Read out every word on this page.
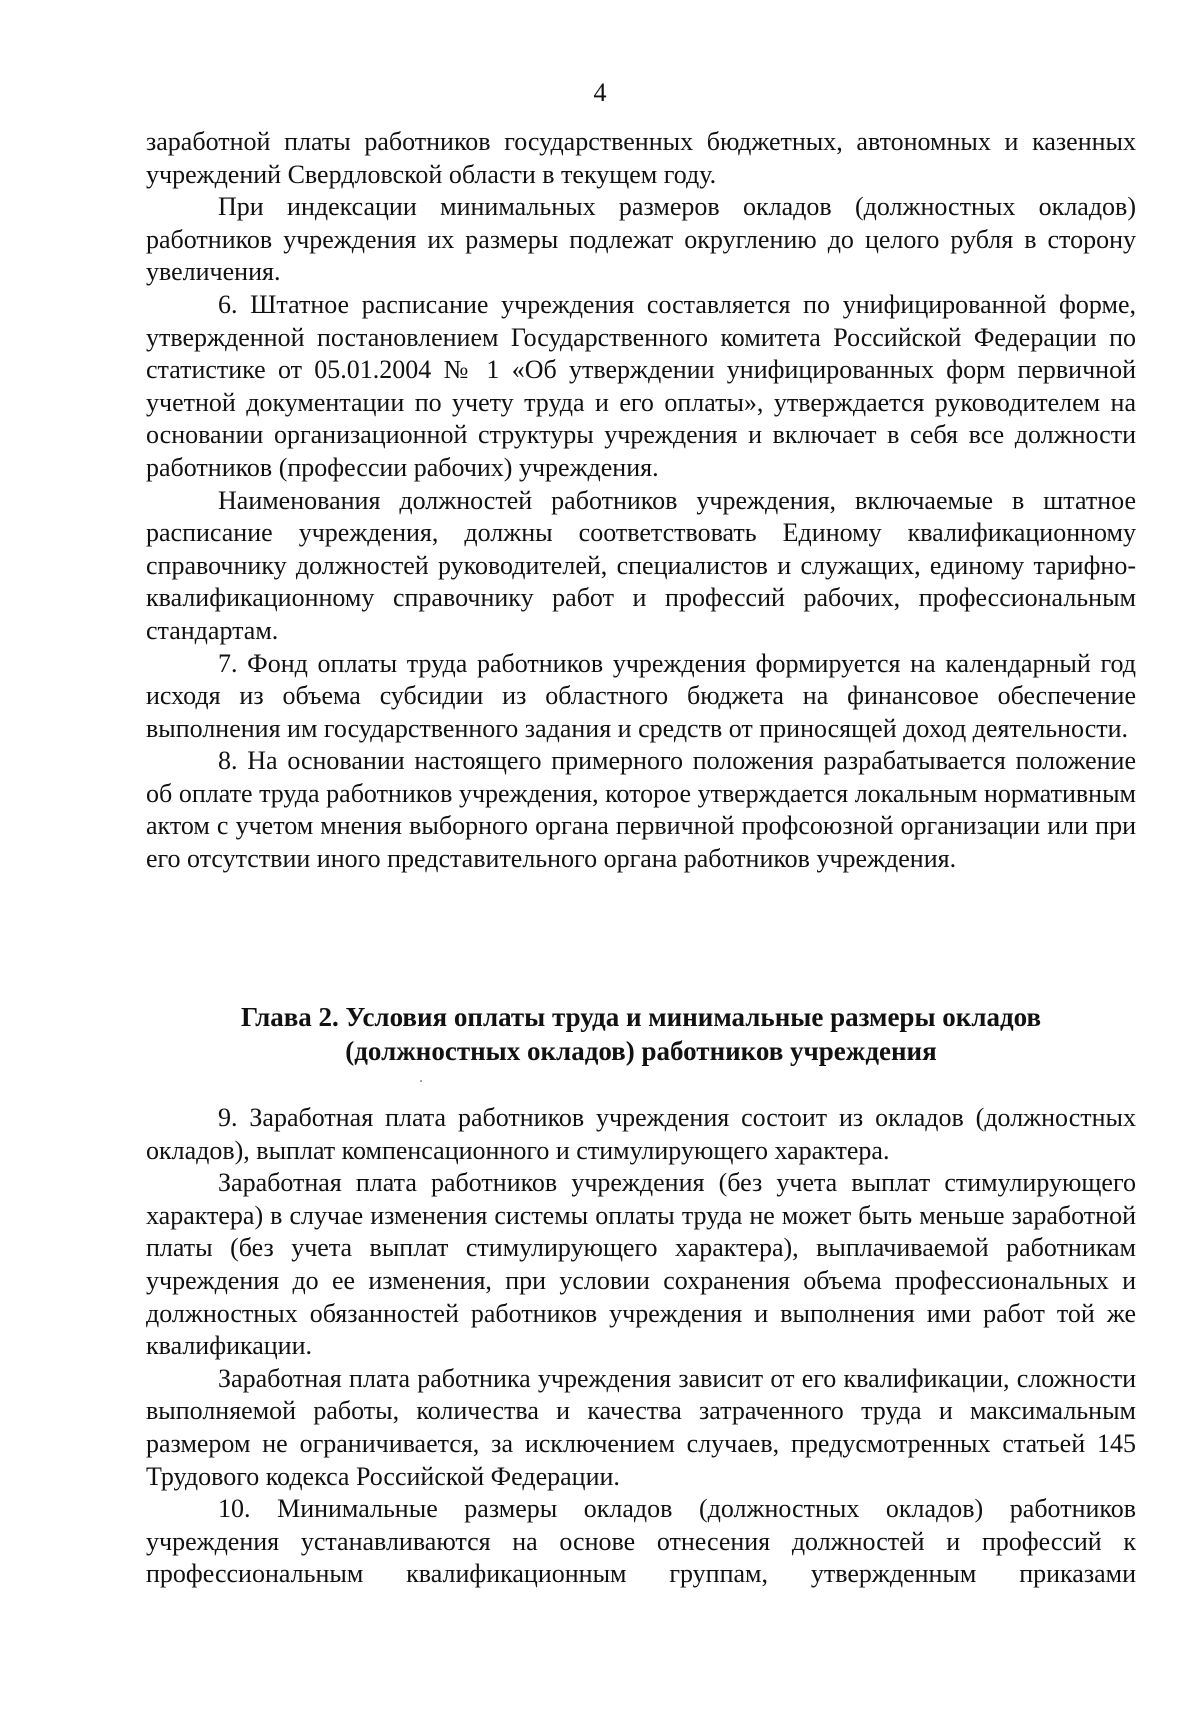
4

заработной платы работников государственных бюджетных, автономных и казенных учреждений Свердловской области в текущем году.

При индексации минимальных размеров окладов (должностных окладов) работников учреждения их размеры подлежат округлению до целого рубля в сторону увеличения.

6. Штатное расписание учреждения составляется по унифицированной форме, утвержденной постановлением Государственного комитета Российской Федерации по статистике от 05.01.2004 № 1 «Об утверждении унифицированных форм первичной учетной документации по учету труда и его оплаты», утверждается руководителем на основании организационной структуры учреждения и включает в себя все должности работников (профессии рабочих) учреждения.

Наименования должностей работников учреждения, включаемые в штатное расписание учреждения, должны соответствовать Единому квалификационному справочнику должностей руководителей, специалистов и служащих, единому тарифно-квалификационному справочнику работ и профессий рабочих, профессиональным стандартам.

7. Фонд оплаты труда работников учреждения формируется на календарный год исходя из объема субсидии из областного бюджета на финансовое обеспечение выполнения им государственного задания и средств от приносящей доход деятельности.

8. На основании настоящего примерного положения разрабатывается положение об оплате труда работников учреждения, которое утверждается локальным нормативным актом с учетом мнения выборного органа первичной профсоюзной организации или при его отсутствии иного представительного органа работников учреждения.

Глава 2. Условия оплаты труда и минимальные размеры окладов
(должностных окладов) работников учреждения

9. Заработная плата работников учреждения состоит из окладов (должностных окладов), выплат компенсационного и стимулирующего характера.

Заработная плата работников учреждения (без учета выплат стимулирующего характера) в случае изменения системы оплаты труда не может быть меньше заработной платы (без учета выплат стимулирующего характера), выплачиваемой работникам учреждения до ее изменения, при условии сохранения объема профессиональных и должностных обязанностей работников учреждения и выполнения ими работ той же квалификации.

Заработная плата работника учреждения зависит от его квалификации, сложности выполняемой работы, количества и качества затраченного труда и максимальным размером не ограничивается, за исключением случаев, предусмотренных статьей 145 Трудового кодекса Российской Федерации.

10. Минимальные размеры окладов (должностных окладов) работников учреждения устанавливаются на основе отнесения должностей и профессий к профессиональным квалификационным группам, утвержденным приказами
